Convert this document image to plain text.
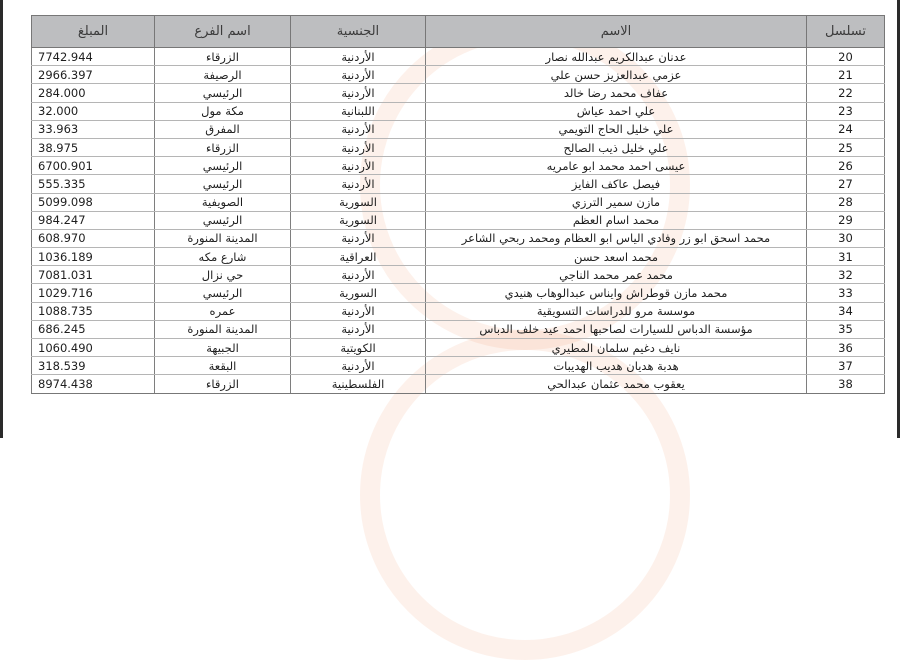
تسلسل	الاسم	الجنسية	اسم الفرع	المبلغ
20	عدنان عبدالكريم عبدالله نصار	الأردنية	الزرقاء	7742.944
21	عزمي عبدالعزيز حسن علي	الأردنية	الرصيفة	2966.397
22	عفاف محمد رضا خالد	الأردنية	الرئيسي	284.000
23	علي احمد عياش	اللبنانية	مكة مول	32.000
24	علي خليل الحاج التويمي	الأردنية	المفرق	33.963
25	علي خليل ذيب الصالح	الأردنية	الزرقاء	38.975
26	عيسى احمد محمد ابو عامريه	الأردنية	الرئيسي	6700.901
27	فيصل عاكف الفايز	الأردنية	الرئيسي	555.335
28	مازن سمير الترزي	السورية	الصويفية	5099.098
29	محمد اسام العظم	السورية	الرئيسي	984.247
30	محمد اسحق ابو زر وفادي الياس ابو العظام ومحمد ربحي الشاعر	الأردنية	المدينة المنورة	608.970
31	محمد اسعد حسن	العراقية	شارع مكه	1036.189
32	محمد عمر محمد الناجي	الأردنية	حي نزال	7081.031
33	محمد مازن قوطراش وايناس عبدالوهاب هنيدي	السورية	الرئيسي	1029.716
34	موسسة مرو للدراسات التسويقية	الأردنية	عمره	1088.735
35	مؤسسة الدباس للسيارات لصاحبها احمد عيد خلف الدباس	الأردنية	المدينة المنورة	686.245
36	نايف دغيم سلمان المطيري	الكويتية	الجبيهة	1060.490
37	هدبة هديان هديب الهديبات	الأردنية	البقعة	318.539
38	يعقوب محمد عثمان عبدالحي	الفلسطينية	الزرقاء	8974.438
